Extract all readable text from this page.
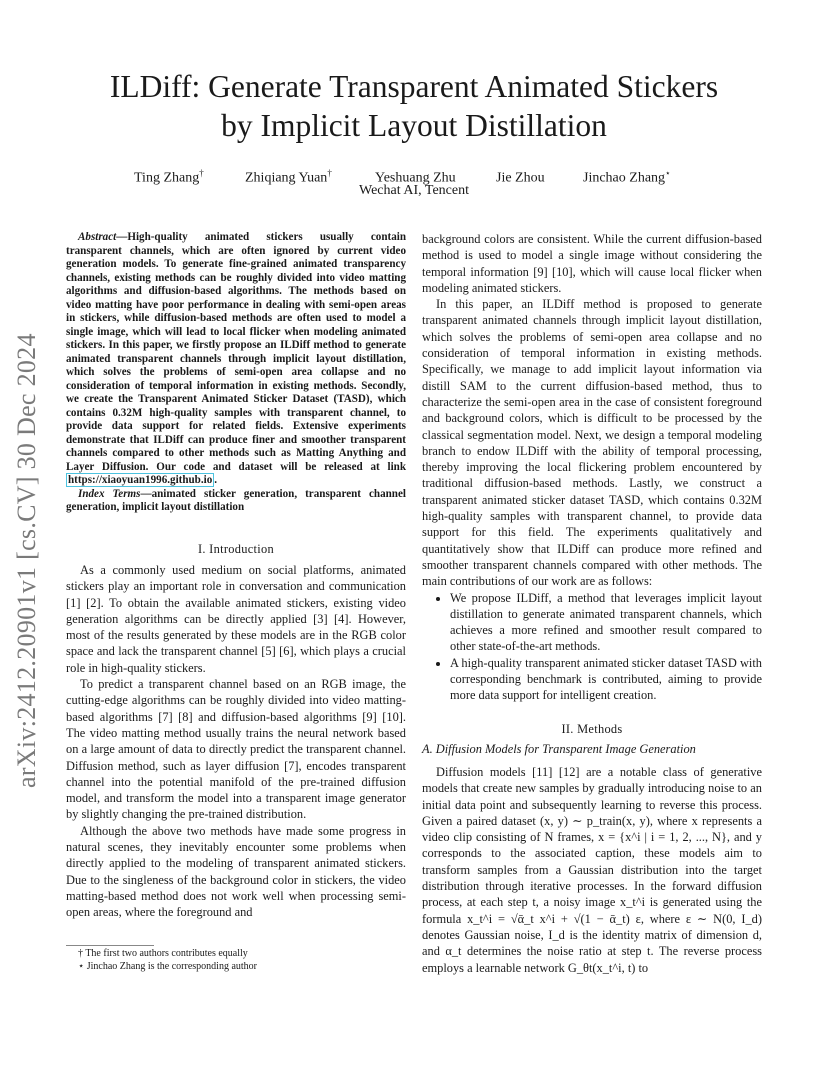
ILDiff: Generate Transparent Animated Stickers
by Implicit Layout Distillation
Ting Zhang†	Zhiqiang Yuan†	Yeshuang Zhu	Jie Zhou	Jinchao Zhang⋆
Wechat AI, Tencent
arXiv:2412.20901v1 [cs.CV] 30 Dec 2024
Abstract—High-quality animated stickers usually contain transparent channels, which are often ignored by current video generation models. To generate fine-grained animated transparency channels, existing methods can be roughly divided into video matting algorithms and diffusion-based algorithms. The methods based on video matting have poor performance in dealing with semi-open areas in stickers, while diffusion-based methods are often used to model a single image, which will lead to local flicker when modeling animated stickers. In this paper, we firstly propose an ILDiff method to generate animated transparent channels through implicit layout distillation, which solves the problems of semi-open area collapse and no consideration of temporal information in existing methods. Secondly, we create the Transparent Animated Sticker Dataset (TASD), which contains 0.32M high-quality samples with transparent channel, to provide data support for related fields. Extensive experiments demonstrate that ILDiff can produce finer and smoother transparent channels compared to other methods such as Matting Anything and Layer Diffusion. Our code and dataset will be released at link https://xiaoyuan1996.github.io .
Index Terms—animated sticker generation, transparent channel generation, implicit layout distillation
I. Introduction

As a commonly used medium on social platforms, animated stickers play an important role in conversation and communication [1] [2]. To obtain the available animated stickers, existing video generation algorithms can be directly applied [3] [4]. However, most of the results generated by these models are in the RGB color space and lack the transparent channel [5] [6], which plays a crucial role in high-quality stickers.

To predict a transparent channel based on an RGB image, the cutting-edge algorithms can be roughly divided into video matting-based algorithms [7] [8] and diffusion-based algorithms [9] [10]. The video matting method usually trains the neural network based on a large amount of data to directly predict the transparent channel. Diffusion method, such as layer diffusion [7], encodes transparent channel into the potential manifold of the pre-trained diffusion model, and transform the model into a transparent image generator by slightly changing the pre-trained distribution.

Although the above two methods have made some progress in natural scenes, they inevitably encounter some problems when directly applied to the modeling of transparent animated stickers. Due to the singleness of the background color in stickers, the video matting-based method does not work well when processing semi-open areas, where the foreground and

† The first two authors contributes equally
⋆ Jinchao Zhang is the corresponding author

background colors are consistent. While the current diffusion-based method is used to model a single image without considering the temporal information [9] [10], which will cause local flicker when modeling animated stickers.

In this paper, an ILDiff method is proposed to generate transparent animated channels through implicit layout distillation, which solves the problems of semi-open area collapse and no consideration of temporal information in existing methods. Specifically, we manage to add implicit layout information via distill SAM to the current diffusion-based method, thus to characterize the semi-open area in the case of consistent foreground and background colors, which is difficult to be processed by the classical segmentation model. Next, we design a temporal modeling branch to endow ILDiff with the ability of temporal processing, thereby improving the local flickering problem encountered by traditional diffusion-based methods. Lastly, we construct a transparent animated sticker dataset TASD, which contains 0.32M high-quality samples with transparent channel, to provide data support for this field. The experiments qualitatively and quantitatively show that ILDiff can produce more refined and smoother transparent channels compared with other methods. The main contributions of our work are as follows:

• We propose ILDiff, a method that leverages implicit layout distillation to generate animated transparent channels, which achieves a more refined and smoother result compared to other state-of-the-art methods.
• A high-quality transparent animated sticker dataset TASD with corresponding benchmark is contributed, aiming to provide more data support for intelligent creation.
II. Methods
A. Diffusion Models for Transparent Image Generation

Diffusion models [11] [12] are a notable class of generative models that create new samples by gradually introducing noise to an initial data point and subsequently learning to reverse this process. Given a paired dataset (x, y) ∼ p_train(x, y), where x represents a video clip consisting of N frames, x = {x^i | i = 1, 2, ..., N}, and y corresponds to the associated caption, these models aim to transform samples from a Gaussian distribution into the target distribution through iterative processes. In the forward diffusion process, at each step t, a noisy image x_t^i is generated using the formula x_t^i = √ᾱ_t x^i + √(1 − ᾱ_t) ε, where ε ∼ N(0, I_d) denotes Gaussian noise, I_d is the identity matrix of dimension d, and α_t determines the noise ratio at step t. The reverse process employs a learnable network G_θt(x_t^i, t) to
